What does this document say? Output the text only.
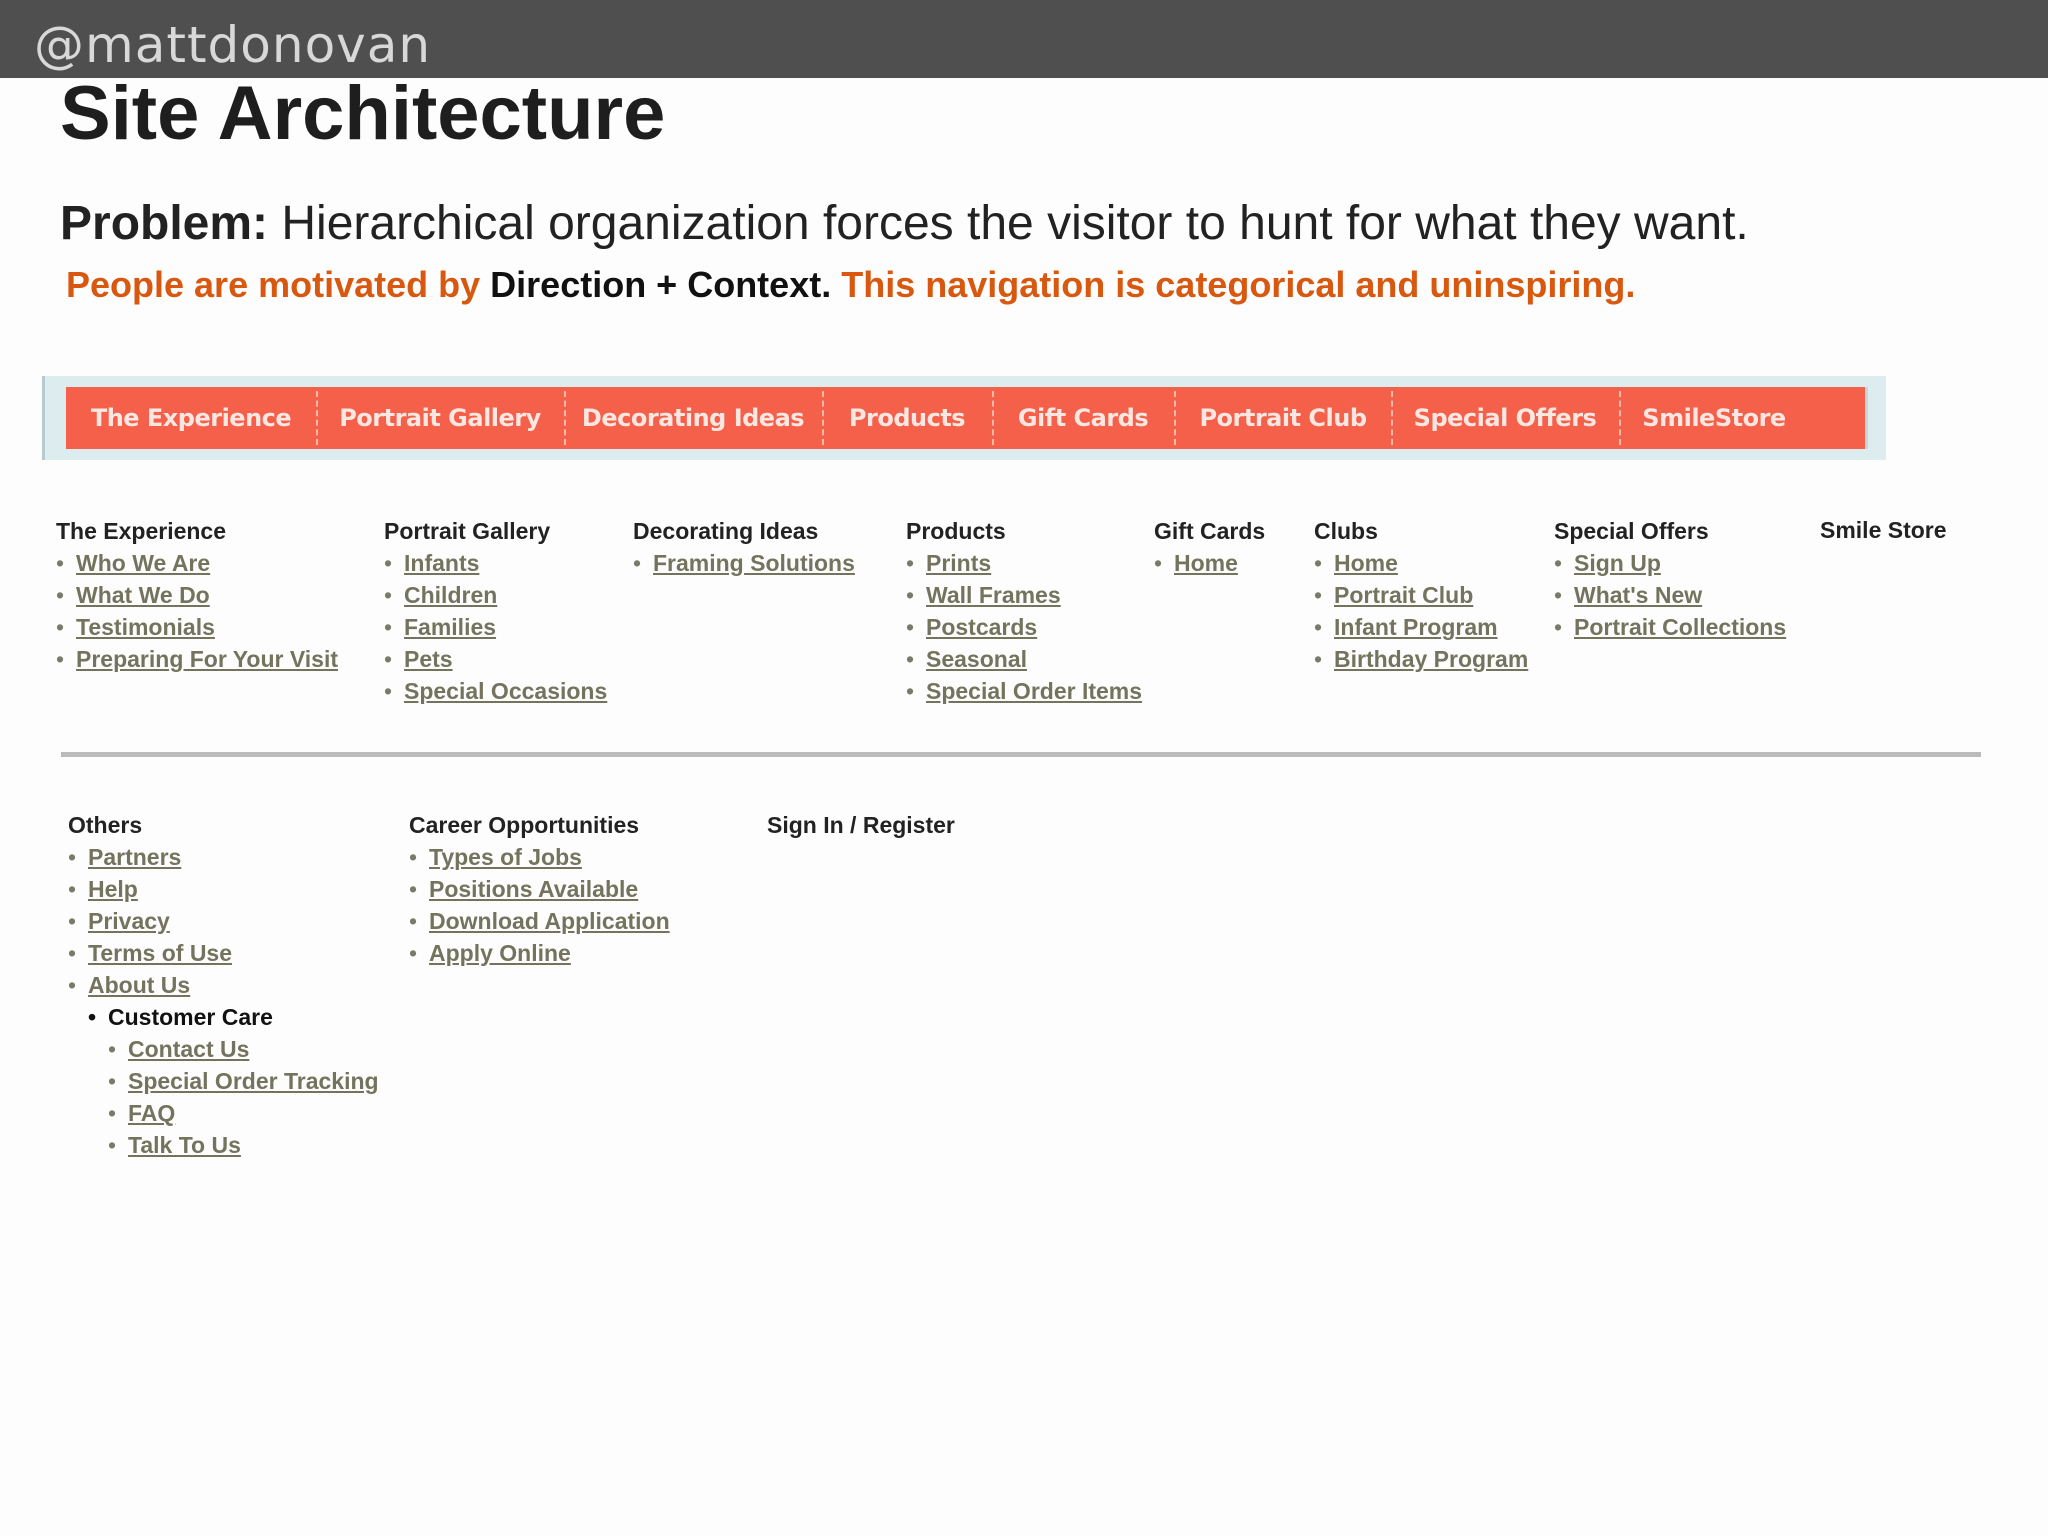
@mattdonovan
Site Architecture
Problem: Hierarchical organization forces the visitor to hunt for what they want.
People are motivated by Direction + Context. This navigation is categorical and uninspiring.
The Experience Portrait Gallery Decorating Ideas Products Gift Cards Portrait Club Special Offers SmileStore
The Experience
• Who We Are
• What We Do
• Testimonials
• Preparing For Your Visit
Portrait Gallery
• Infants
• Children
• Families
• Pets
• Special Occasions
Decorating Ideas
• Framing Solutions
Products
• Prints
• Wall Frames
• Postcards
• Seasonal
• Special Order Items
Gift Cards
• Home
Clubs
• Home
• Portrait Club
• Infant Program
• Birthday Program
Special Offers
• Sign Up
• What's New
• Portrait Collections
Smile Store
Others
• Partners
• Help
• Privacy
• Terms of Use
• About Us
• Customer Care
• Contact Us
• Special Order Tracking
• FAQ
• Talk To Us
Career Opportunities
• Types of Jobs
• Positions Available
• Download Application
• Apply Online
Sign In / Register
